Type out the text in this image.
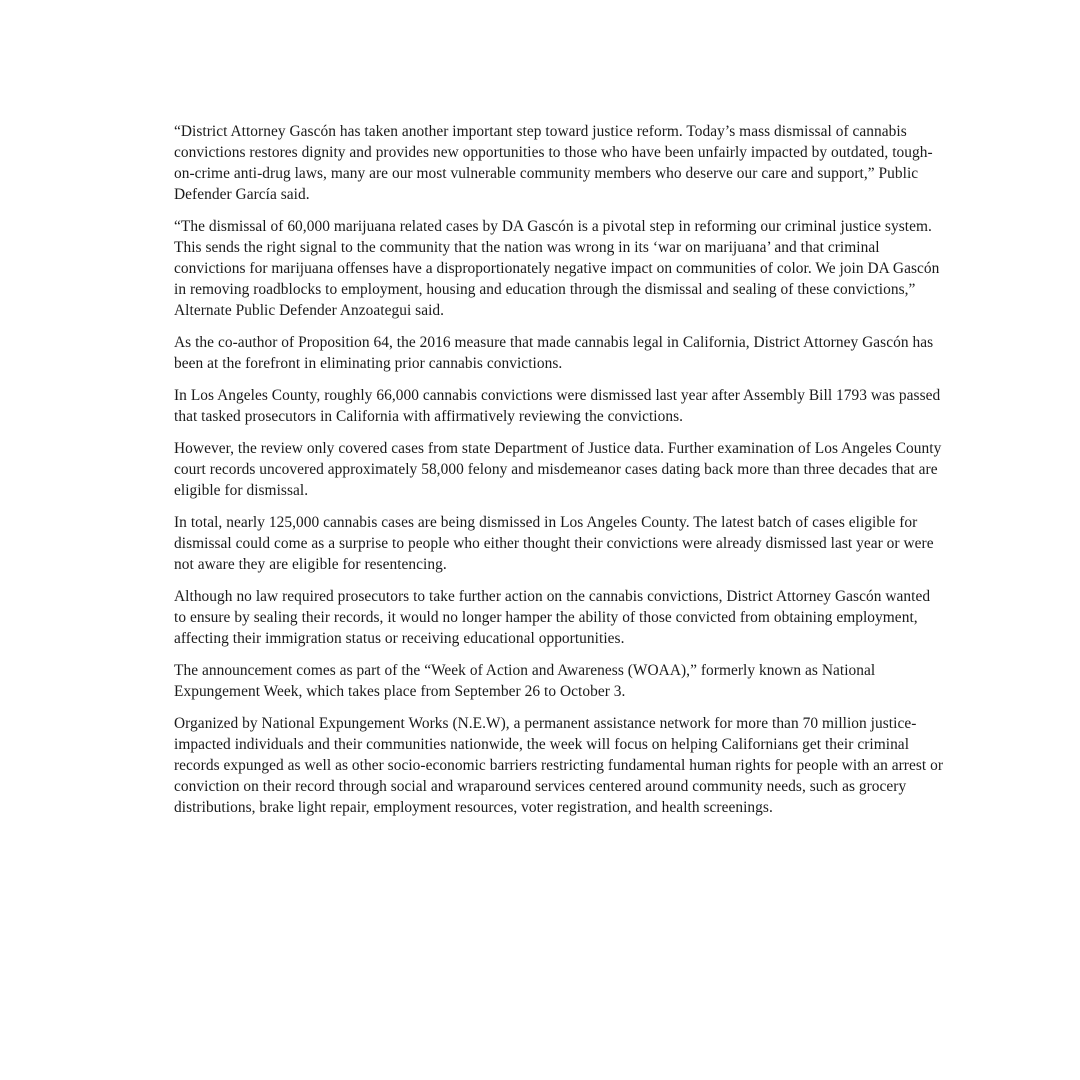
“District Attorney Gascón has taken another important step toward justice reform. Today’s mass dismissal of cannabis convictions restores dignity and provides new opportunities to those who have been unfairly impacted by outdated, tough-on-crime anti-drug laws, many are our most vulnerable community members who deserve our care and support,” Public Defender García said.

“The dismissal of 60,000 marijuana related cases by DA Gascón is a pivotal step in reforming our criminal justice system. This sends the right signal to the community that the nation was wrong in its ‘war on marijuana’ and that criminal convictions for marijuana offenses have a disproportionately negative impact on communities of color. We join DA Gascón in removing roadblocks to employment, housing and education through the dismissal and sealing of these convictions,” Alternate Public Defender Anzoategui said.

As the co-author of Proposition 64, the 2016 measure that made cannabis legal in California, District Attorney Gascón has been at the forefront in eliminating prior cannabis convictions.

In Los Angeles County, roughly 66,000 cannabis convictions were dismissed last year after Assembly Bill 1793 was passed that tasked prosecutors in California with affirmatively reviewing the convictions.

However, the review only covered cases from state Department of Justice data. Further examination of Los Angeles County court records uncovered approximately 58,000 felony and misdemeanor cases dating back more than three decades that are eligible for dismissal.

In total, nearly 125,000 cannabis cases are being dismissed in Los Angeles County. The latest batch of cases eligible for dismissal could come as a surprise to people who either thought their convictions were already dismissed last year or were not aware they are eligible for resentencing.

Although no law required prosecutors to take further action on the cannabis convictions, District Attorney Gascón wanted to ensure by sealing their records, it would no longer hamper the ability of those convicted from obtaining employment, affecting their immigration status or receiving educational opportunities.

The announcement comes as part of the “Week of Action and Awareness (WOAA),” formerly known as National Expungement Week, which takes place from September 26 to October 3.

Organized by National Expungement Works (N.E.W), a permanent assistance network for more than 70 million justice-impacted individuals and their communities nationwide, the week will focus on helping Californians get their criminal records expunged as well as other socio-economic barriers restricting fundamental human rights for people with an arrest or conviction on their record through social and wraparound services centered around community needs, such as grocery distributions, brake light repair, employment resources, voter registration, and health screenings.
